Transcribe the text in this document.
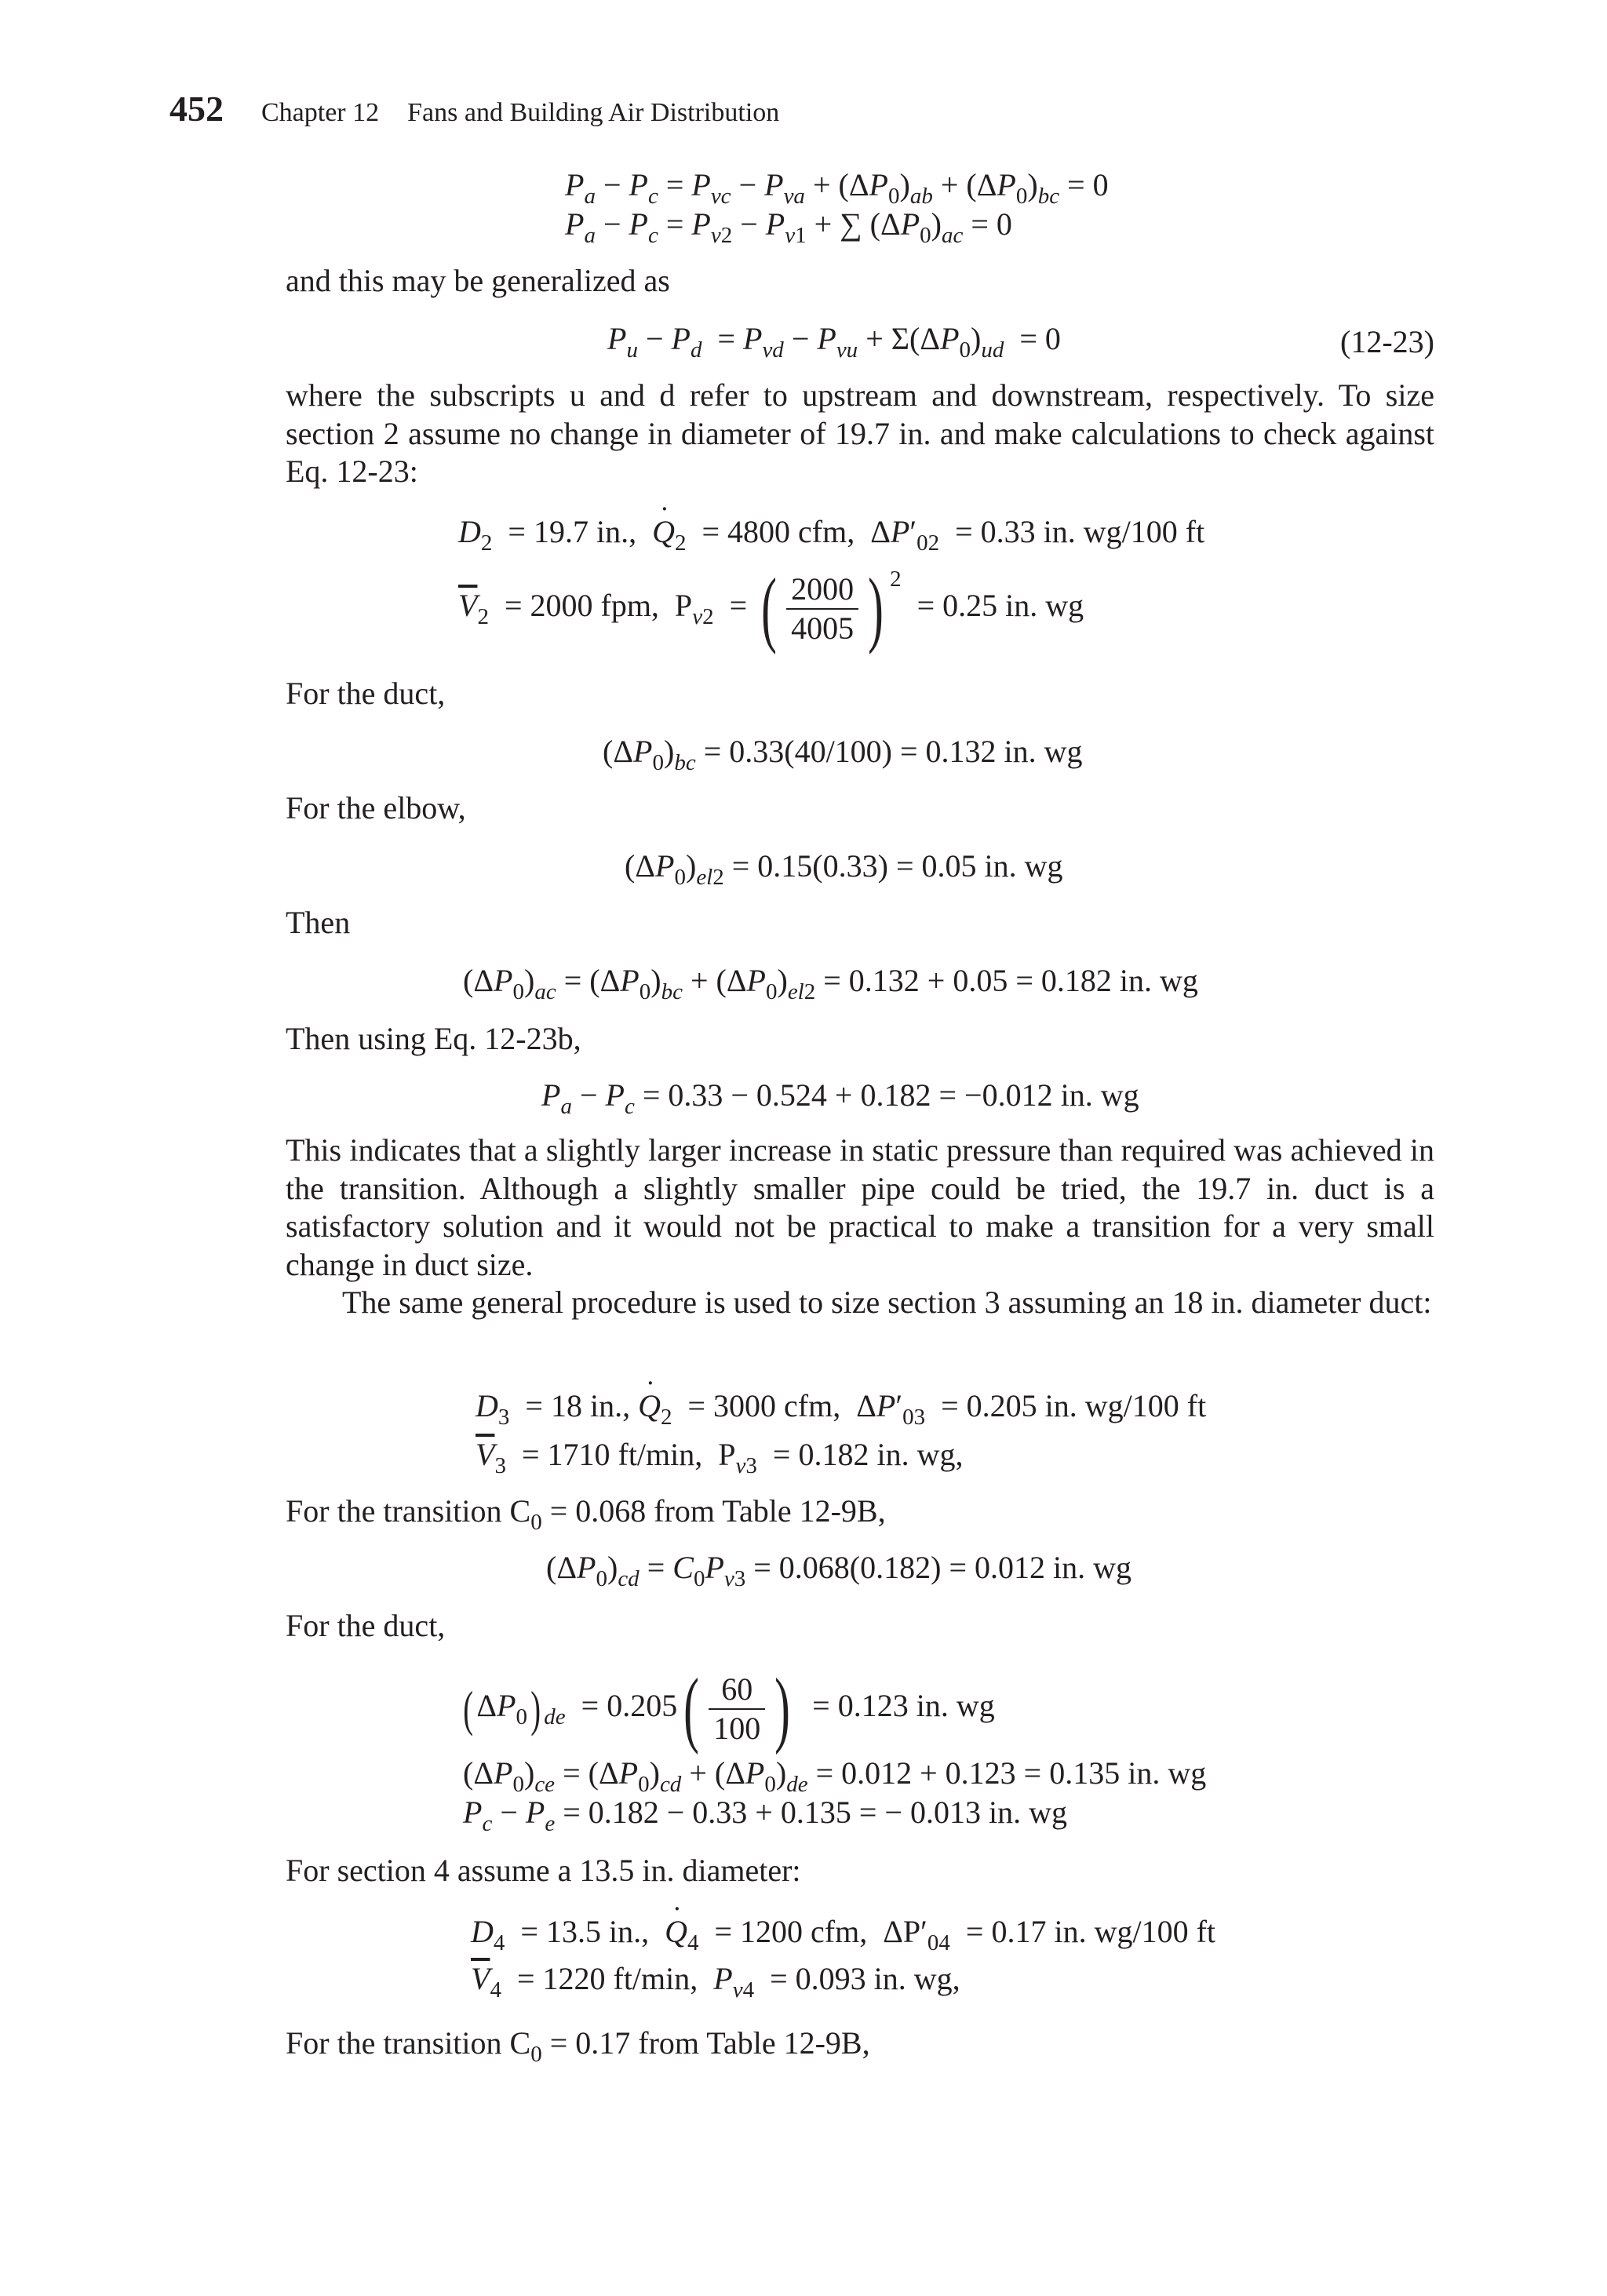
452 Chapter 12 Fans and Building Air Distribution
$P_a - P_c = P_{vc} - P_{va} + (\Delta P_0)_{ab} + (\Delta P_0)_{bc} = 0$
$P_a - P_c = P_{v2} - P_{v1}$ + ∑ $(\Delta P_0)_{ac} = 0$
and this may be generalized as
$P_u - P_d = P_{vd} - P_{vu} + \Sigma(\Delta P_0)_{ud} = 0$	(12-23)

where the subscripts u and d refer to upstream and downstream, respectively. To size section 2 assume no change in diameter of 19.7 in. and make calculations to check against Eq. 12-23:

$D_2 = 19.7$ in.,  ˙ $Q_2 = 4800$ cfm,  $\Delta P'_{02} = 0.33$ in. wg/100 ft
$\overline{V}_2 = 2000$ fpm,  $P_{v2}$  = ( $\frac{2000}{4005}$ ) $^2$  = 0.25 in. wg
For the duct,
$(\Delta P_0)_{bc} = 0.33(40/100) = 0.132$ in. wg
For the elbow,
$(\Delta P_0)_{el2} = 0.15(0.33) = 0.05$ in. wg
Then
$(\Delta P_0)_{ac} = (\Delta P_0)_{bc} + (\Delta P_0)_{el2} = 0.132 + 0.05 = 0.182$ in. wg
Then using Eq. 12-23b,
$P_a - P_c = 0.33 - 0.524 + 0.182 = -0.012$ in. wg

This indicates that a slightly larger increase in static pressure than required was achieved in the transition. Although a slightly smaller pipe could be tried, the 19.7 in. duct is a satisfactory solution and it would not be practical to make a transition for a very small change in duct size.

The same general procedure is used to size section 3 assuming an 18 in. diameter duct:

$D_3 = 18$ in., ˙ $Q_2 = 3000$ cfm,  $\Delta P'_{03} = 0.205$ in. wg/100 ft
$\overline{V}_3 = 1710$ ft/min,  $P_{v3} = 0.182$ in. wg,
For the transition $C_0 = 0.068$ from Table 12-9B,
$(\Delta P_0)_{cd} = C_0P_{v3} = 0.068(0.182) = 0.012$ in. wg
For the duct,
( $\Delta P_0$) $_{de} = 0.205( \frac{60}{100}$ )  = 0.123 in. wg
$(\Delta P_0)_{ce} = (\Delta P_0)_{cd} + (\Delta P_0)_{de} = 0.012 + 0.123 = 0.135$ in. wg
$P_c - P_e = 0.182 - 0.33 + 0.135$ = − 0.013 in. wg
For section 4 assume a 13.5 in. diameter:
$D_4 = 13.5$ in.,  ˙ $Q_4 = 1200$ cfm,  $\Delta P'_{04} = 0.17$ in. wg/100 ft
$\overline{V}_4 = 1220$ ft/min,  $P_{v4} = 0.093$ in. wg,
For the transition $C_0 = 0.17$ from Table 12-9B,
